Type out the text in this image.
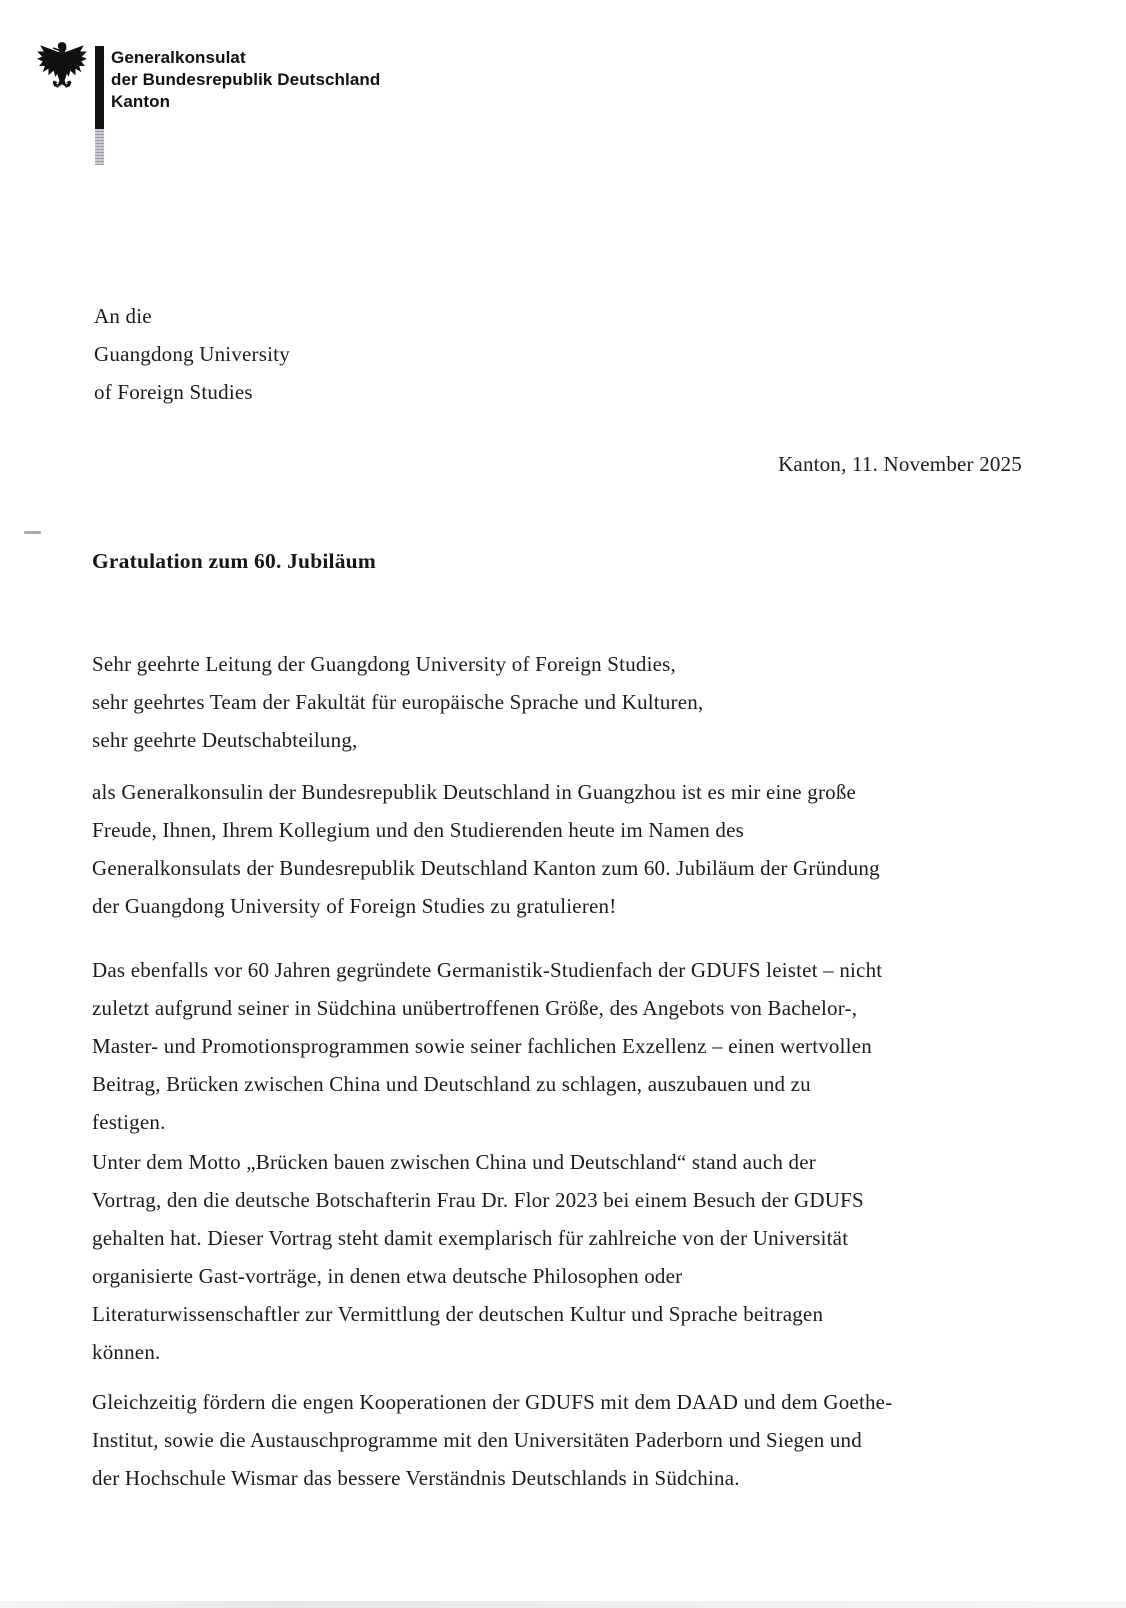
Generalkonsulat
der Bundesrepublik Deutschland
Kanton
An die
Guangdong University
of Foreign Studies
Kanton, 11. November 2025
Gratulation zum 60. Jubiläum
Sehr geehrte Leitung der Guangdong University of Foreign Studies,
sehr geehrtes Team der Fakultät für europäische Sprache und Kulturen,
sehr geehrte Deutschabteilung,
als Generalkonsulin der Bundesrepublik Deutschland in Guangzhou ist es mir eine große
Freude, Ihnen, Ihrem Kollegium und den Studierenden heute im Namen des
Generalkonsulats der Bundesrepublik Deutschland Kanton zum 60. Jubiläum der Gründung
der Guangdong University of Foreign Studies zu gratulieren!
Das ebenfalls vor 60 Jahren gegründete Germanistik-Studienfach der GDUFS leistet – nicht
zuletzt aufgrund seiner in Südchina unübertroffenen Größe, des Angebots von Bachelor-,
Master- und Promotionsprogrammen sowie seiner fachlichen Exzellenz – einen wertvollen
Beitrag, Brücken zwischen China und Deutschland zu schlagen, auszubauen und zu
festigen.
Unter dem Motto „Brücken bauen zwischen China und Deutschland“ stand auch der
Vortrag, den die deutsche Botschafterin Frau Dr. Flor 2023 bei einem Besuch der GDUFS
gehalten hat. Dieser Vortrag steht damit exemplarisch für zahlreiche von der Universität
organisierte Gast-vorträge, in denen etwa deutsche Philosophen oder
Literaturwissenschaftler zur Vermittlung der deutschen Kultur und Sprache beitragen
können.
Gleichzeitig fördern die engen Kooperationen der GDUFS mit dem DAAD und dem Goethe-
Institut, sowie die Austauschprogramme mit den Universitäten Paderborn und Siegen und
der Hochschule Wismar das bessere Verständnis Deutschlands in Südchina.
